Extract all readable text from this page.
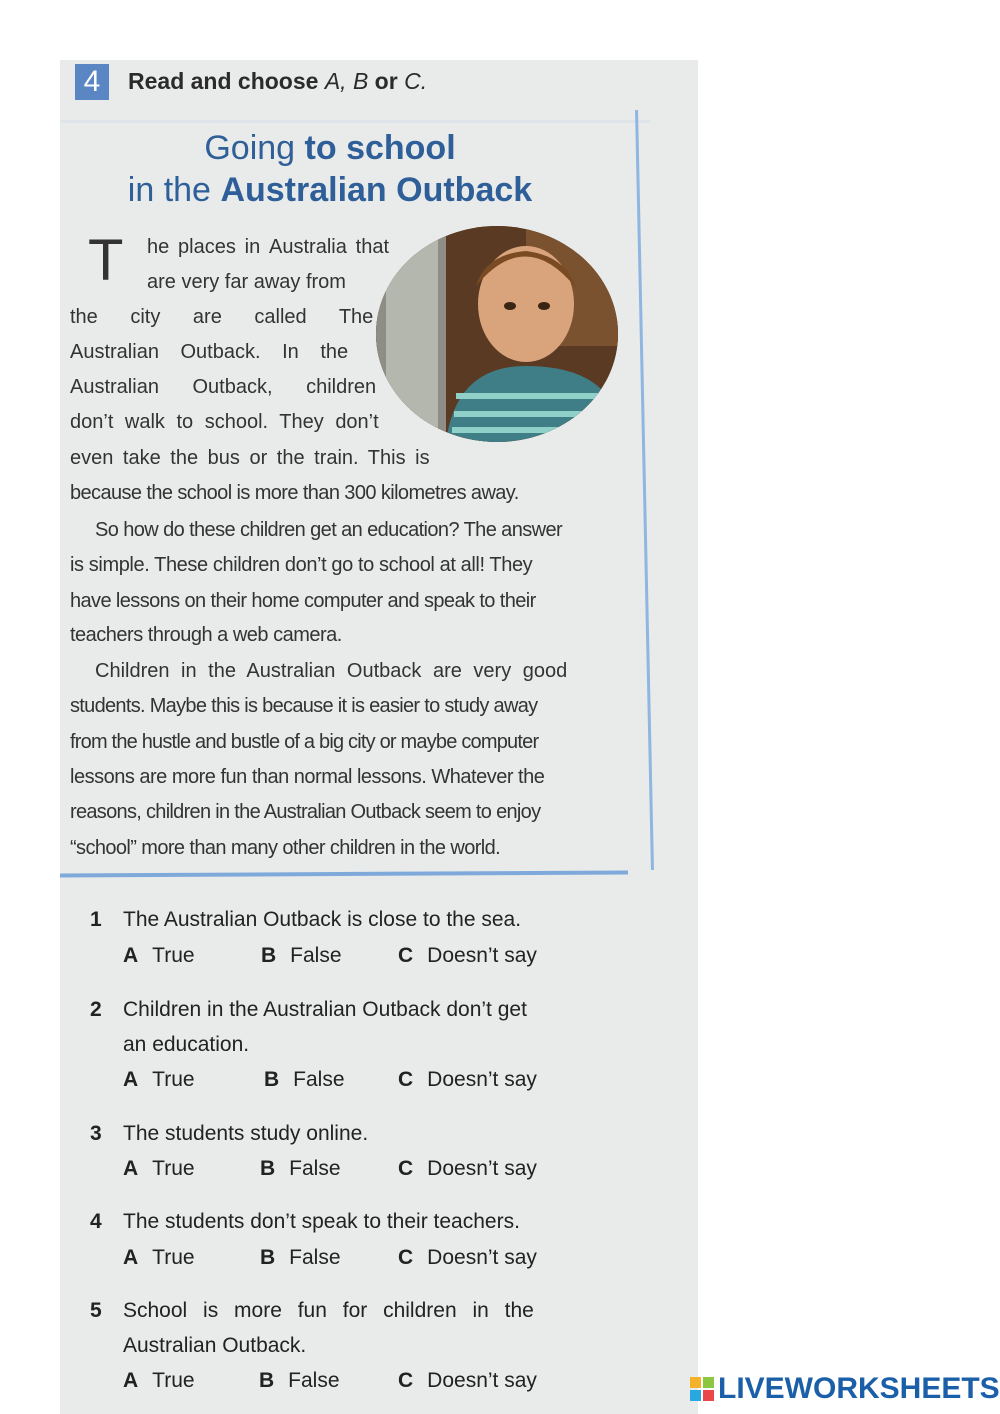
4	Read and choose A, B or C.
Going to school
in the Australian Outback
T he places in Australia that
are very far away from
the city are called The
Australian Outback. In the
Australian Outback, children
don’t walk to school. They don’t
even take the bus or the train. This is
because the school is more than 300 kilometres away.
So how do these children get an education? The answer
is simple. These children don’t go to school at all! They
have lessons on their home computer and speak to their
teachers through a web camera.
Children in the Australian Outback are very good
students. Maybe this is because it is easier to study away
from the hustle and bustle of a big city or maybe computer
lessons are more fun than normal lessons. Whatever the
reasons, children in the Australian Outback seem to enjoy
“school” more than many other children in the world.
1 The Australian Outback is close to the sea.
A True	B False	C Doesn’t say
2 Children in the Australian Outback don’t get
an education.
A True	B False	C Doesn’t say
3 The students study online.
A True	B False	C Doesn’t say
4 The students don’t speak to their teachers.
A True	B False	C Doesn’t say
5 School is more fun for children in the
Australian Outback.
A True	B False	C Doesn’t say	LIVEWORKSHEETS
